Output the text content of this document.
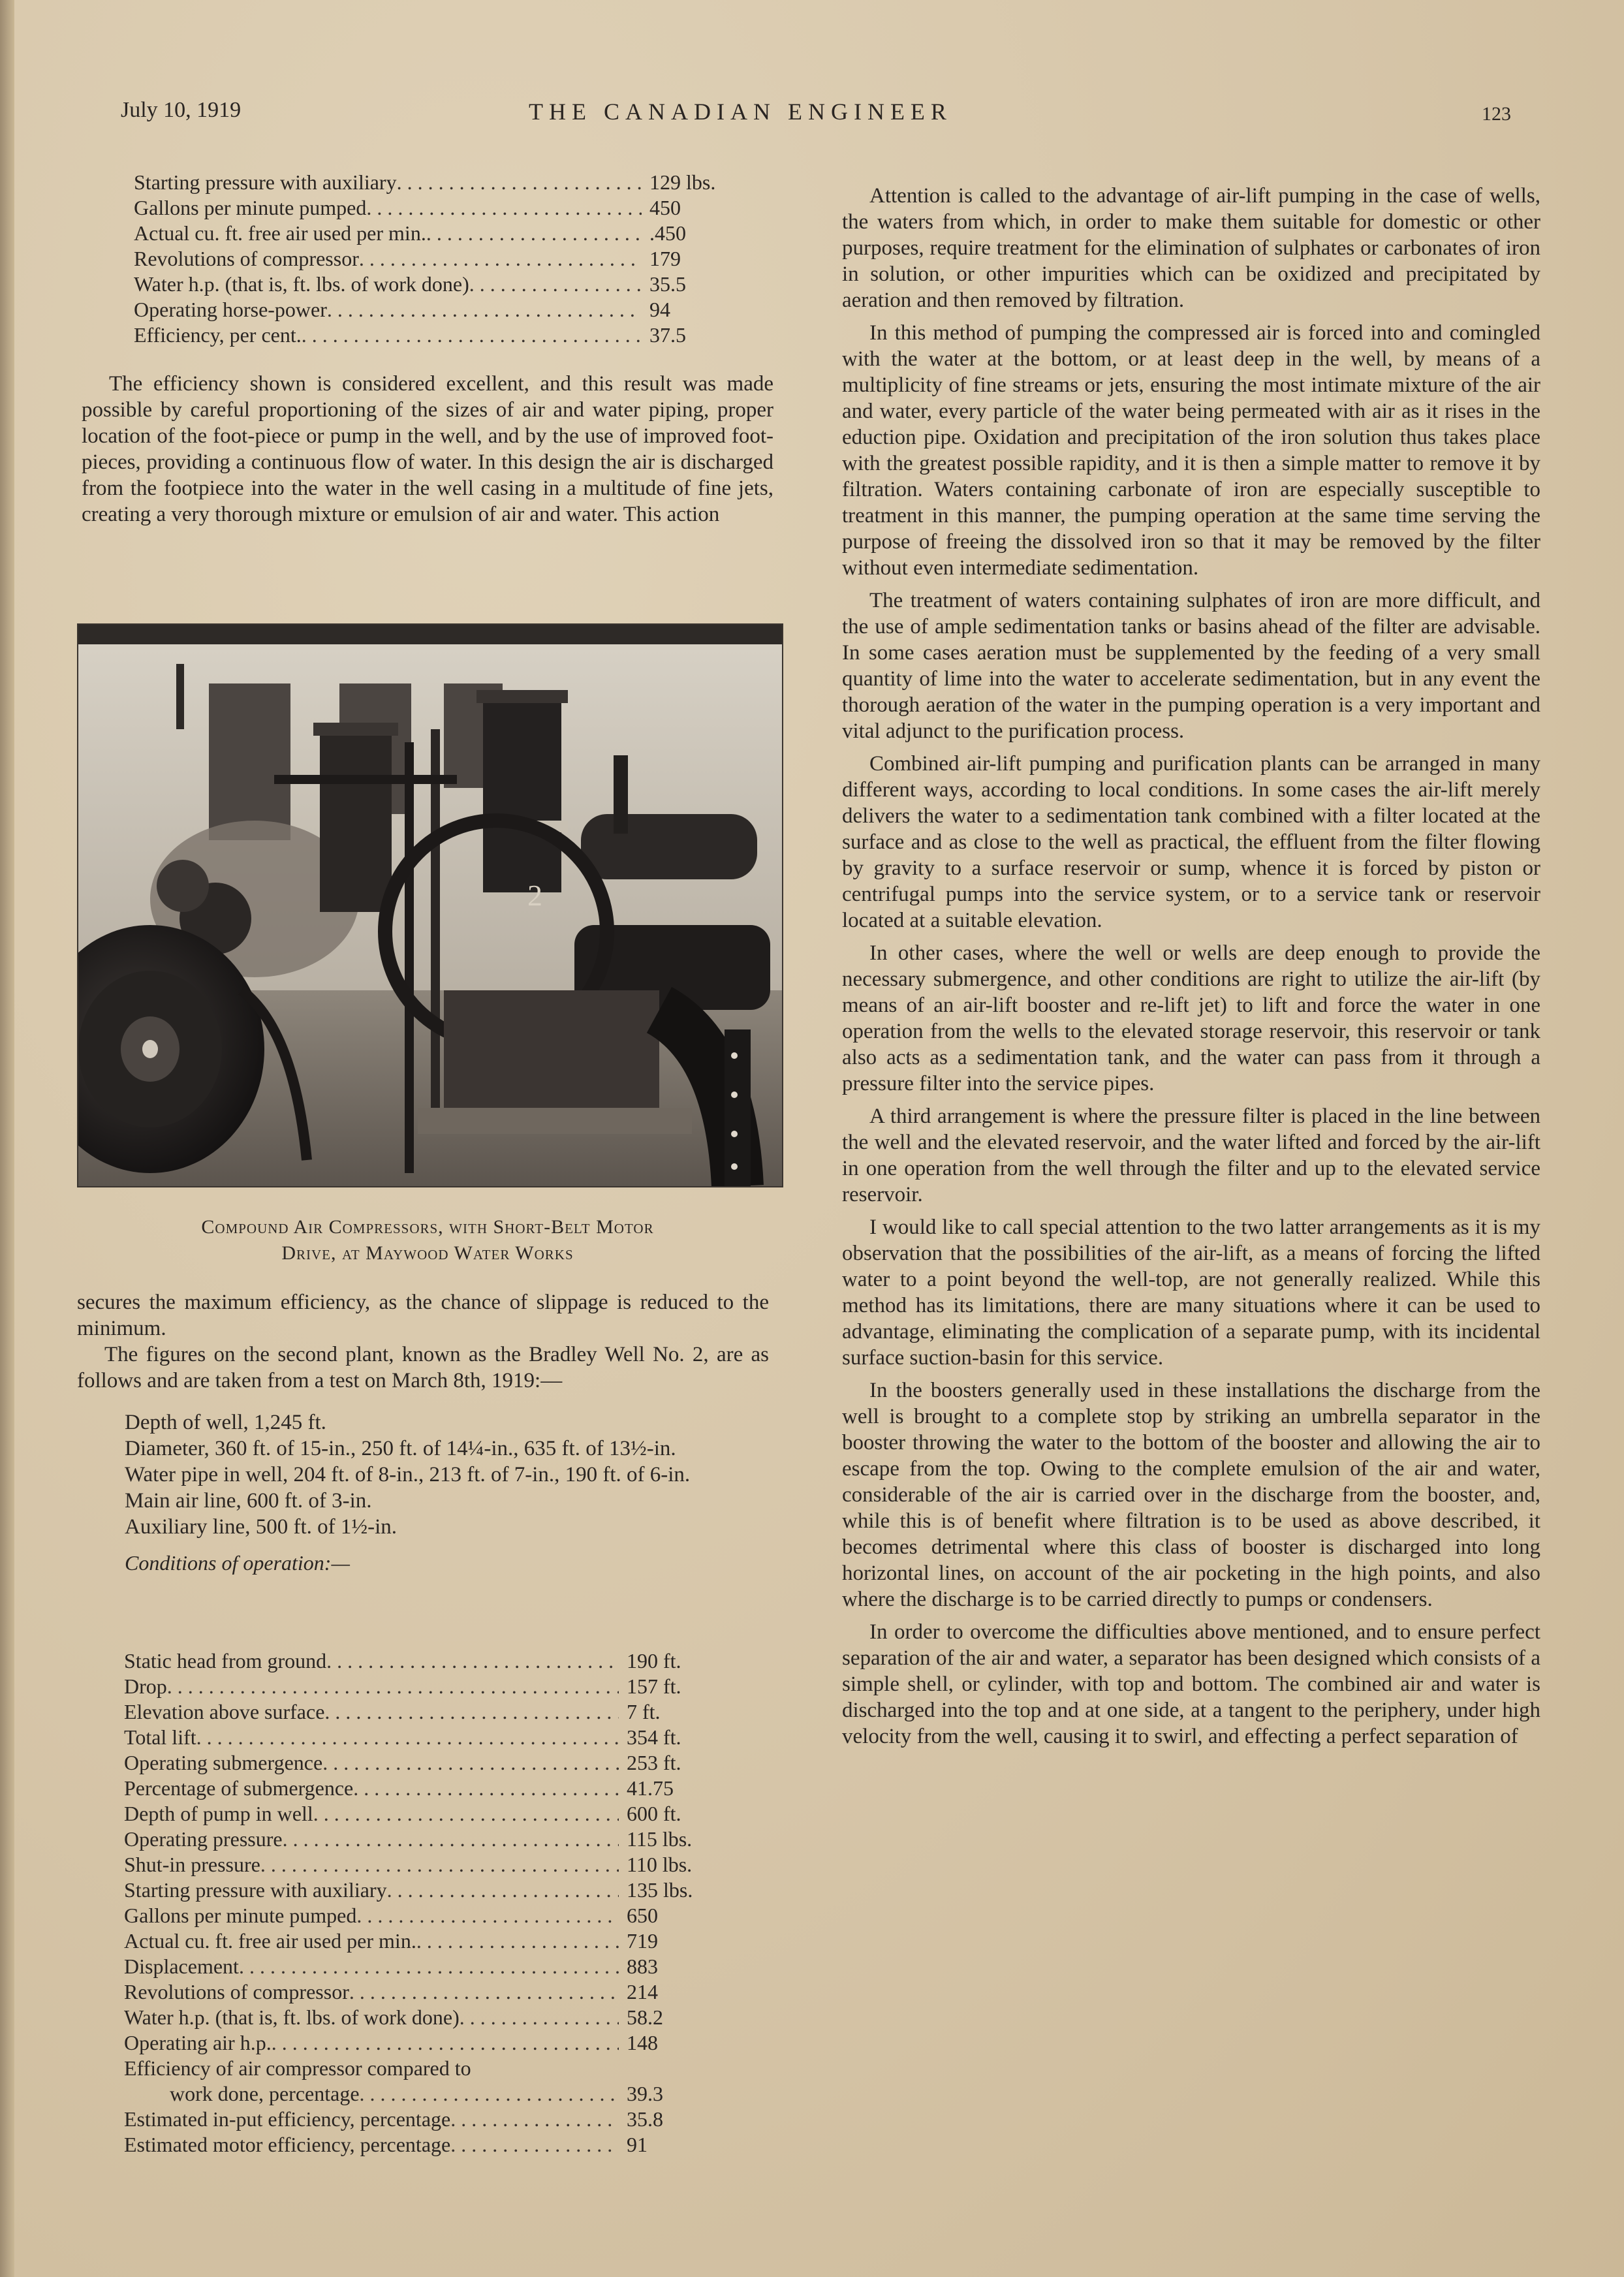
July 10, 1919	THE CANADIAN ENGINEER	123
Starting pressure with auxiliary . . .	129 lbs.
Gallons per minute pumped . . .	450
Actual cu. ft. free air used per min. . . .	.450
Revolutions of compressor . . .	179
Water h.p. (that is, ft. lbs. of work done) . . .	35.5
Operating horse-power . . .	94
Efficiency, per cent. . . .	37.5

The efficiency shown is considered excellent, and this result was made possible by careful proportioning of the sizes of air and water piping, proper location of the foot-piece or pump in the well, and by the use of improved foot-pieces, providing a continuous flow of water. In this design the air is discharged from the footpiece into the water in the well casing in a multitude of fine jets, creating a very thorough mixture or emulsion of air and water. This action

2
Compound Air Compressors, with Short-Belt Motor
Drive, at Maywood Water Works

secures the maximum efficiency, as the chance of slippage is reduced to the minimum.

The figures on the second plant, known as the Bradley Well No. 2, are as follows and are taken from a test on March 8th, 1919:—

Depth of well, 1,245 ft.
Diameter, 360 ft. of 15-in., 250 ft. of 14¼-in., 635 ft. of 13½-in.
Water pipe in well, 204 ft. of 8-in., 213 ft. of 7-in., 190 ft. of 6-in.
Main air line, 600 ft. of 3-in.
Auxiliary line, 500 ft. of 1½-in.
Conditions of operation:—
Static head from ground . . .	190 ft.
Drop . . .	157 ft.
Elevation above surface . . .	7 ft.
Total lift . . .	354 ft.
Operating submergence . . .	253 ft.
Percentage of submergence . . .	41.75
Depth of pump in well . . .	600 ft.
Operating pressure . . .	115 lbs.
Shut-in pressure . . .	110 lbs.
Starting pressure with auxiliary . . .	135 lbs.
Gallons per minute pumped . . .	650
Actual cu. ft. free air used per min. . . .	719
Displacement . . .	883
Revolutions of compressor . . .	214
Water h.p. (that is, ft. lbs. of work done) . . .	58.2
Operating air h.p. . . .	148
Efficiency of air compressor compared to
work done, percentage . . .	39.3
Estimated in-put efficiency, percentage . . .	35.8
Estimated motor efficiency, percentage . . .	91

Attention is called to the advantage of air-lift pumping in the case of wells, the waters from which, in order to make them suitable for domestic or other purposes, require treatment for the elimination of sulphates or carbonates of iron in solution, or other impurities which can be oxidized and precipitated by aeration and then removed by filtration.

In this method of pumping the compressed air is forced into and comingled with the water at the bottom, or at least deep in the well, by means of a multiplicity of fine streams or jets, ensuring the most intimate mixture of the air and water, every particle of the water being permeated with air as it rises in the eduction pipe. Oxidation and precipitation of the iron solution thus takes place with the greatest possible rapidity, and it is then a simple matter to remove it by filtration. Waters containing carbonate of iron are especially susceptible to treatment in this manner, the pumping operation at the same time serving the purpose of freeing the dissolved iron so that it may be removed by the filter without even intermediate sedimentation.

The treatment of waters containing sulphates of iron are more difficult, and the use of ample sedimentation tanks or basins ahead of the filter are advisable. In some cases aeration must be supplemented by the feeding of a very small quantity of lime into the water to accelerate sedimentation, but in any event the thorough aeration of the water in the pumping operation is a very important and vital adjunct to the purification process.

Combined air-lift pumping and purification plants can be arranged in many different ways, according to local conditions. In some cases the air-lift merely delivers the water to a sedimentation tank combined with a filter located at the surface and as close to the well as practical, the effluent from the filter flowing by gravity to a surface reservoir or sump, whence it is forced by piston or centrifugal pumps into the service system, or to a service tank or reservoir located at a suitable elevation.

In other cases, where the well or wells are deep enough to provide the necessary submergence, and other conditions are right to utilize the air-lift (by means of an air-lift booster and re-lift jet) to lift and force the water in one operation from the wells to the elevated storage reservoir, this reservoir or tank also acts as a sedimentation tank, and the water can pass from it through a pressure filter into the service pipes.

A third arrangement is where the pressure filter is placed in the line between the well and the elevated reservoir, and the water lifted and forced by the air-lift in one operation from the well through the filter and up to the elevated service reservoir.

I would like to call special attention to the two latter arrangements as it is my observation that the possibilities of the air-lift, as a means of forcing the lifted water to a point beyond the well-top, are not generally realized. While this method has its limitations, there are many situations where it can be used to advantage, eliminating the complication of a separate pump, with its incidental surface suction-basin for this service.

In the boosters generally used in these installations the discharge from the well is brought to a complete stop by striking an umbrella separator in the booster throwing the water to the bottom of the booster and allowing the air to escape from the top. Owing to the complete emulsion of the air and water, considerable of the air is carried over in the discharge from the booster, and, while this is of benefit where filtration is to be used as above described, it becomes detrimental where this class of booster is discharged into long horizontal lines, on account of the air pocketing in the high points, and also where the discharge is to be carried directly to pumps or condensers.

In order to overcome the difficulties above mentioned, and to ensure perfect separation of the air and water, a separator has been designed which consists of a simple shell, or cylinder, with top and bottom. The combined air and water is discharged into the top and at one side, at a tangent to the periphery, under high velocity from the well, causing it to swirl, and effecting a perfect separation of
